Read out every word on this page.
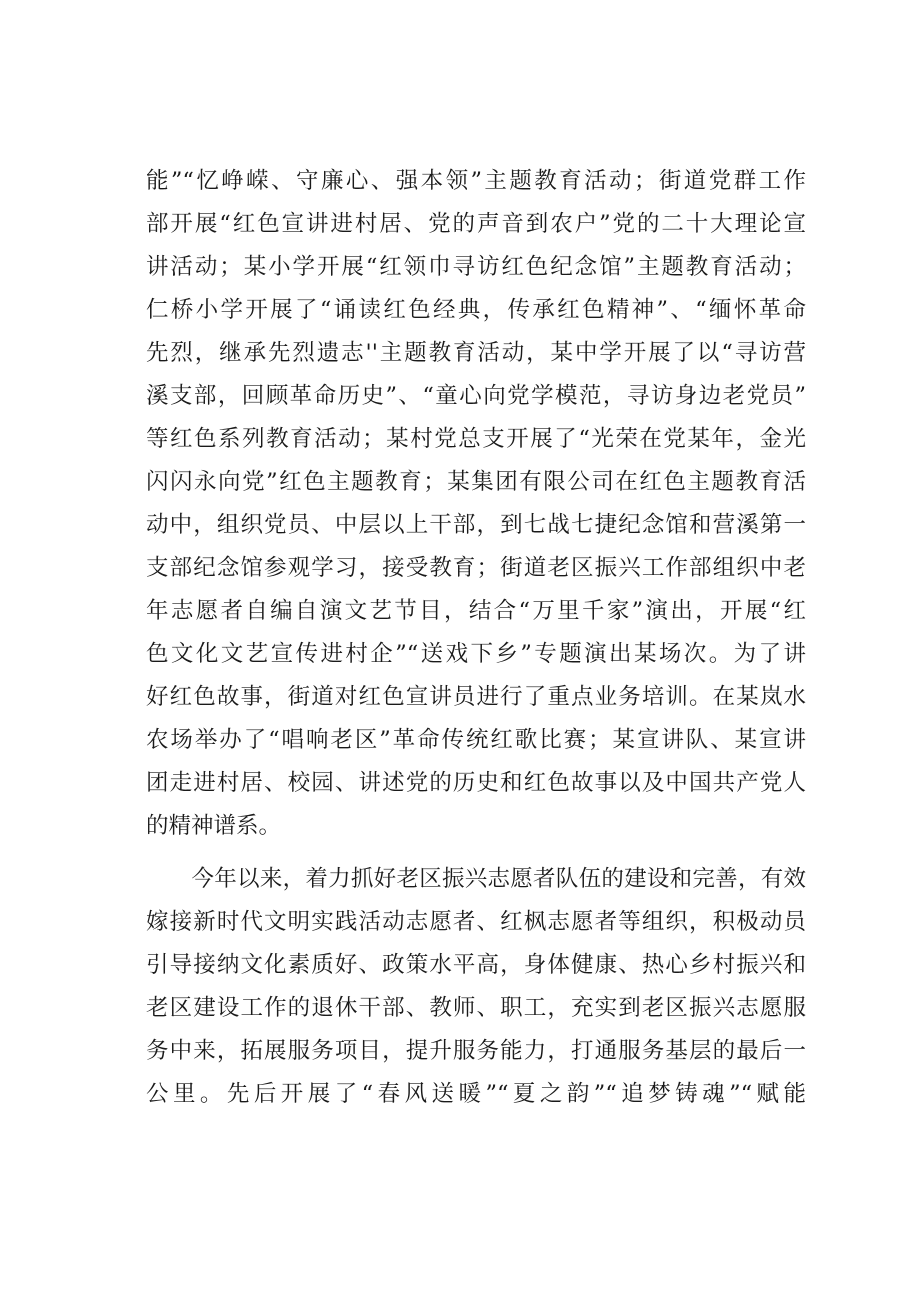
能”“忆峥嵘、守廉心、强本领”主题教育活动；街道党群工作
部开展“红色宣讲进村居、党的声音到农户”党的二十大理论宣
讲活动；某小学开展“红领巾寻访红色纪念馆”主题教育活动；
仁桥小学开展了“诵读红色经典，传承红色精神”、“缅怀革命
先烈，继承先烈遗志''主题教育活动，某中学开展了以“寻访营
溪支部，回顾革命历史”、“童心向党学模范，寻访身边老党员”
等红色系列教育活动；某村党总支开展了“光荣在党某年，金光
闪闪永向党”红色主题教育；某集团有限公司在红色主题教育活
动中，组织党员、中层以上干部，到七战七捷纪念馆和营溪第一
支部纪念馆参观学习，接受教育；街道老区振兴工作部组织中老
年志愿者自编自演文艺节目，结合“万里千家”演出，开展“红
色文化文艺宣传进村企”“送戏下乡”专题演出某场次。为了讲
好红色故事，街道对红色宣讲员进行了重点业务培训。在某岚水
农场举办了“唱响老区”革命传统红歌比赛；某宣讲队、某宣讲
团走进村居、校园、讲述党的历史和红色故事以及中国共产党人
的精神谱系。
　　今年以来，着力抓好老区振兴志愿者队伍的建设和完善，有效
嫁接新时代文明实践活动志愿者、红枫志愿者等组织，积极动员
引导接纳文化素质好、政策水平高，身体健康、热心乡村振兴和
老区建设工作的退休干部、教师、职工，充实到老区振兴志愿服
务中来，拓展服务项目，提升服务能力，打通服务基层的最后一
公里。先后开展了“春风送暖”“夏之韵”“追梦铸魂”“赋能
